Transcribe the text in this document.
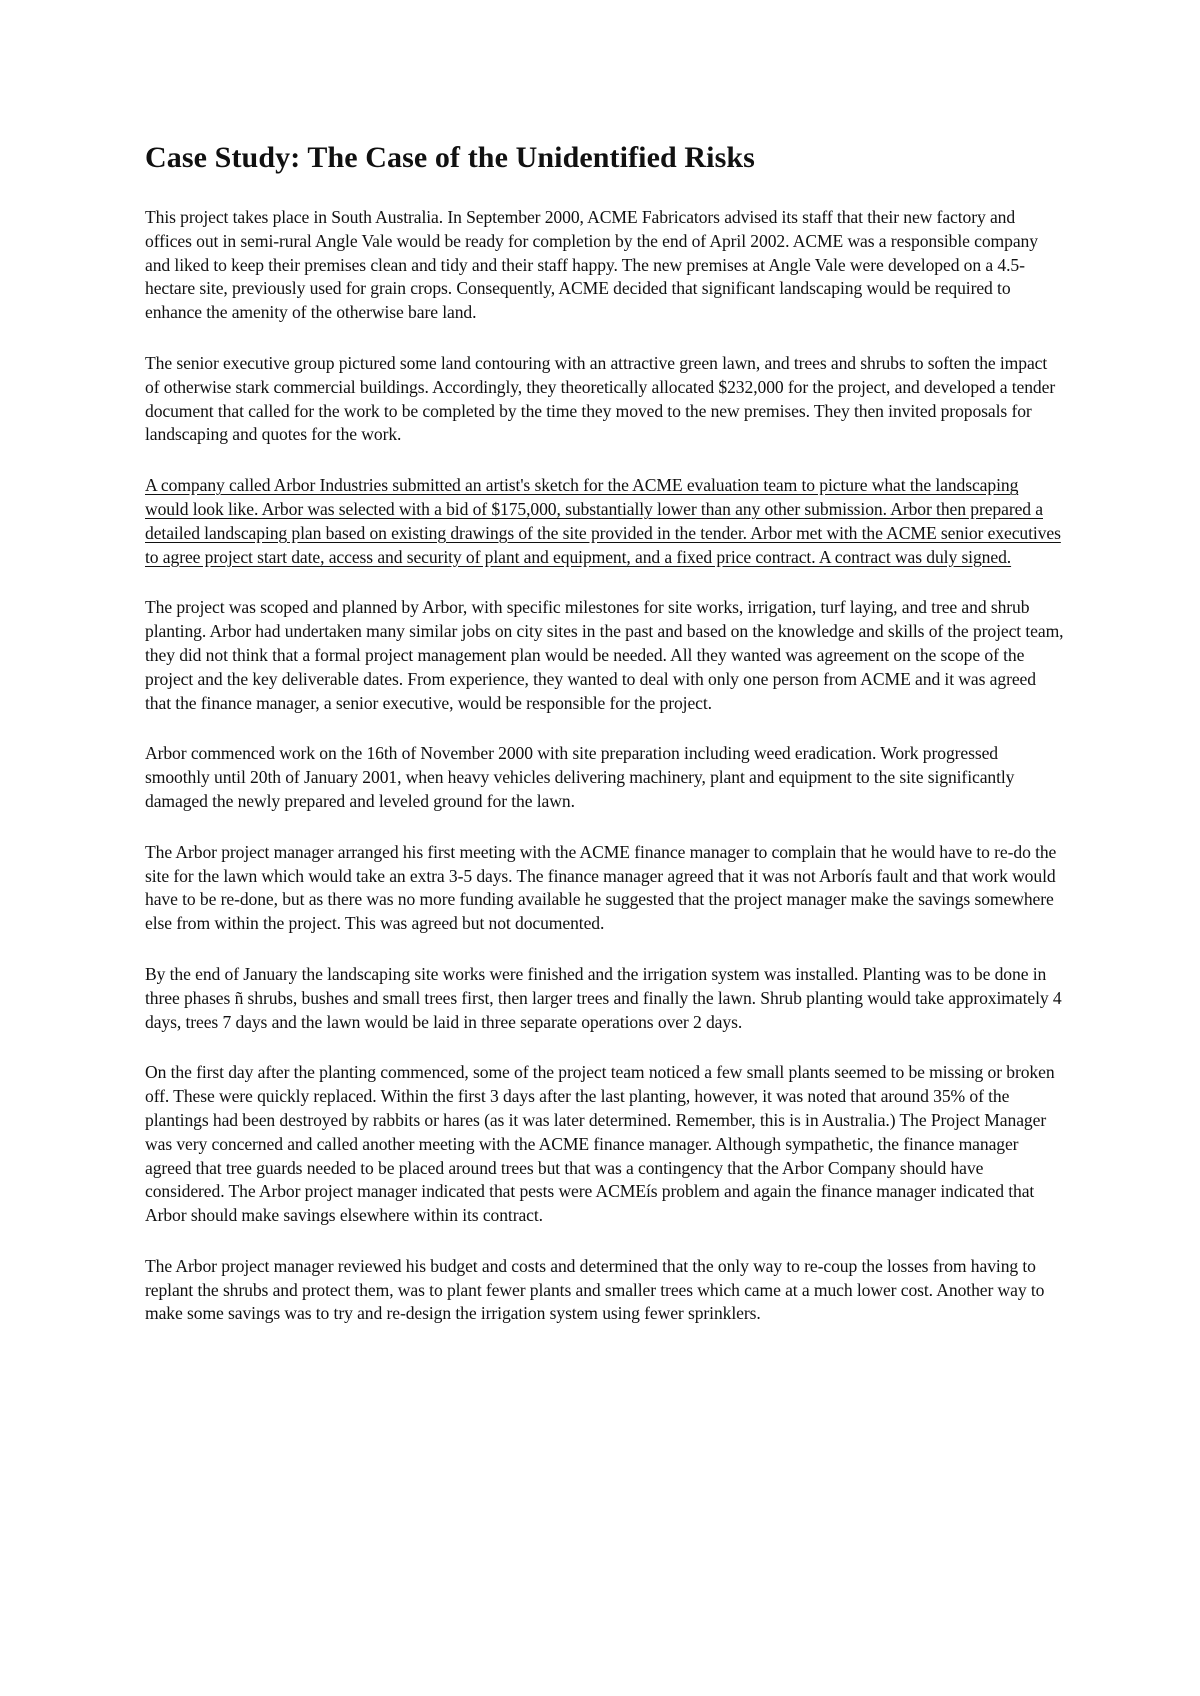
Case Study: The Case of the Unidentified Risks

This project takes place in South Australia. In September 2000, ACME Fabricators advised its staff that their new factory and offices out in semi-rural Angle Vale would be ready for completion by the end of April 2002. ACME was a responsible company and liked to keep their premises clean and tidy and their staff happy. The new premises at Angle Vale were developed on a 4.5-hectare site, previously used for grain crops. Consequently, ACME decided that significant landscaping would be required to enhance the amenity of the otherwise bare land.

The senior executive group pictured some land contouring with an attractive green lawn, and trees and shrubs to soften the impact of otherwise stark commercial buildings. Accordingly, they theoretically allocated $232,000 for the project, and developed a tender document that called for the work to be completed by the time they moved to the new premises. They then invited proposals for landscaping and quotes for the work.

A company called Arbor Industries submitted an artist's sketch for the ACME evaluation team to picture what the landscaping would look like. Arbor was selected with a bid of $175,000, substantially lower than any other submission. Arbor then prepared a detailed landscaping plan based on existing drawings of the site provided in the tender. Arbor met with the ACME senior executives to agree project start date, access and security of plant and equipment, and a fixed price contract. A contract was duly signed.

The project was scoped and planned by Arbor, with specific milestones for site works, irrigation, turf laying, and tree and shrub planting. Arbor had undertaken many similar jobs on city sites in the past and based on the knowledge and skills of the project team, they did not think that a formal project management plan would be needed. All they wanted was agreement on the scope of the project and the key deliverable dates. From experience, they wanted to deal with only one person from ACME and it was agreed that the finance manager, a senior executive, would be responsible for the project.

Arbor commenced work on the 16th of November 2000 with site preparation including weed eradication. Work progressed smoothly until 20th of January 2001, when heavy vehicles delivering machinery, plant and equipment to the site significantly damaged the newly prepared and leveled ground for the lawn.

The Arbor project manager arranged his first meeting with the ACME finance manager to complain that he would have to re-do the site for the lawn which would take an extra 3-5 days. The finance manager agreed that it was not Arborís fault and that work would have to be re-done, but as there was no more funding available he suggested that the project manager make the savings somewhere else from within the project. This was agreed but not documented.

By the end of January the landscaping site works were finished and the irrigation system was installed. Planting was to be done in three phases ñ shrubs, bushes and small trees first, then larger trees and finally the lawn. Shrub planting would take approximately 4 days, trees 7 days and the lawn would be laid in three separate operations over 2 days.

On the first day after the planting commenced, some of the project team noticed a few small plants seemed to be missing or broken off. These were quickly replaced. Within the first 3 days after the last planting, however, it was noted that around 35% of the plantings had been destroyed by rabbits or hares (as it was later determined. Remember, this is in Australia.) The Project Manager was very concerned and called another meeting with the ACME finance manager. Although sympathetic, the finance manager agreed that tree guards needed to be placed around trees but that was a contingency that the Arbor Company should have considered. The Arbor project manager indicated that pests were ACMEís problem and again the finance manager indicated that Arbor should make savings elsewhere within its contract.

The Arbor project manager reviewed his budget and costs and determined that the only way to re-coup the losses from having to replant the shrubs and protect them, was to plant fewer plants and smaller trees which came at a much lower cost. Another way to make some savings was to try and re-design the irrigation system using fewer sprinklers.
